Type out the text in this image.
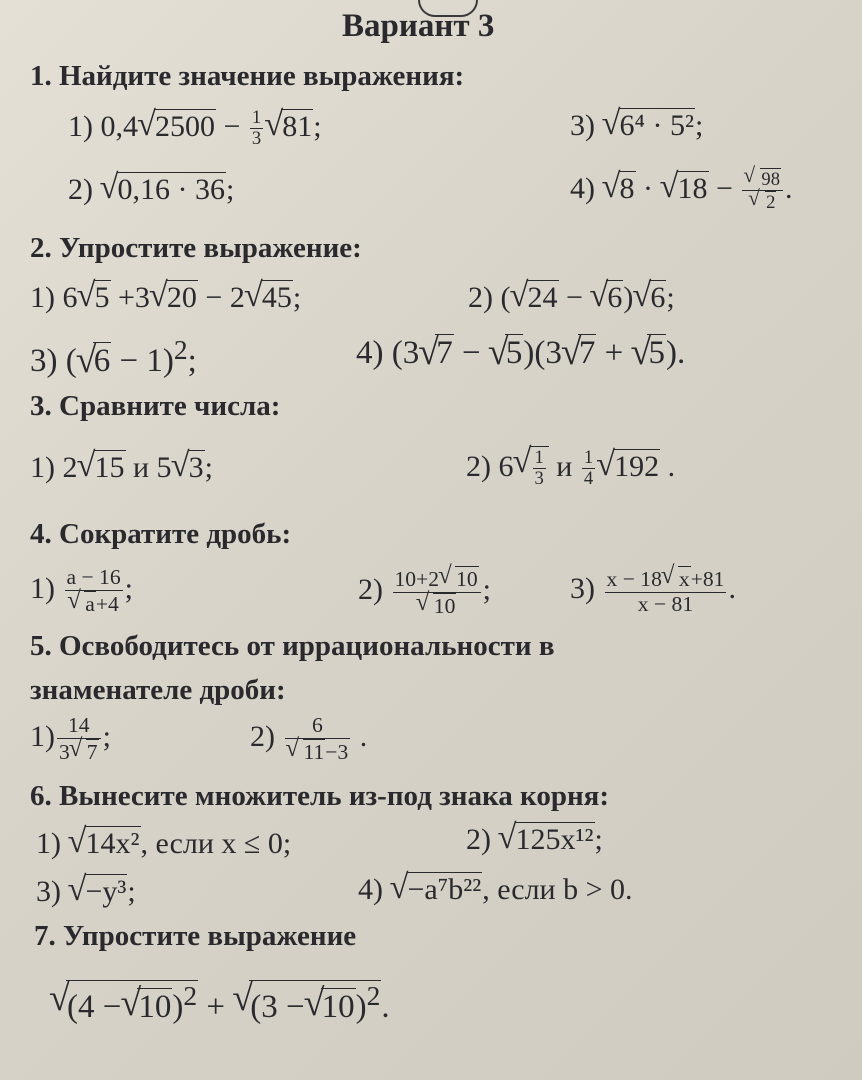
Вариант 3
1. Найдите значение выражения:
1) 0,4 √ $2500 - \frac{1}{3}$ √ 81;	3) √ 6⁴ · 5²;
2) √ 0,16 · 36;	4) √ 8 · √ 18 − √ 98
√ 2 .
2. Упростите выражение:
1) 6 √ 5 +3 √ 20 − 2 √ 45;	2) ( √ 24 − √ 6) √ 6;
3) ( √ 6 − 1)$^2$;	4) (3 √ 7 − √ 5)(3 √ 7 + √ 5).
3. Сравните числа:
1) 2 √ 15 и 5 √ 3;	2) 6 √ $\frac{1}{3}$ и $\frac{1}{4}$ √ 192 .
4. Сократите дробь:
1) a − 16
√ a+4 ;	2) 10+2 √ 10
√ 10 ;	$3) \frac{x - 18 √ x+81}{x - 81}$ .
5. Освободитесь от иррациональности в
знаменателе дроби:
$1) \frac{14}{3 √ 7}$ ;	2) 6
√ 11−3 .
6. Вынесите множитель из-под знака корня:
1) √ 14x², если x ≤ 0;	2) √ 125x¹²;
3) √ −y³;	4) √ −a⁷b²², если b > 0.
7. Упростите выражение
√ (4 − √ 10)$^2$ + √ (3 − √ 10)$^2$.
